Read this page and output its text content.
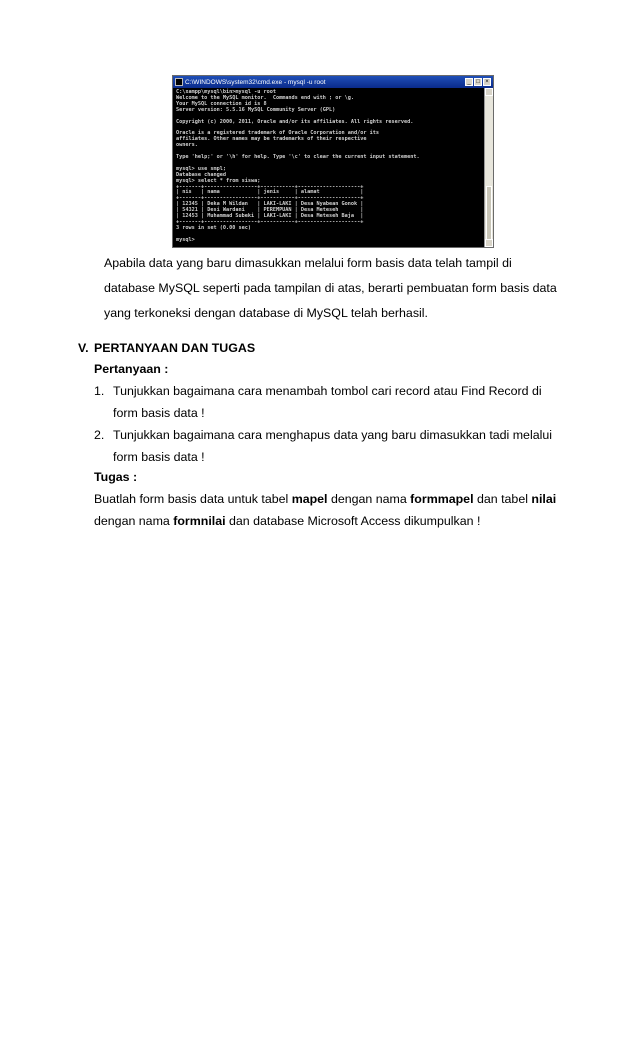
C:\WINDOWS\system32\cmd.exe - mysql -u root	_ □ ×
C:\xampp\mysql\bin>mysql -u root
Welcome to the MySQL monitor.  Commands end with ; or \g.
Your MySQL connection id is 8
Server version: 5.5.16 MySQL Community Server (GPL)

Copyright (c) 2000, 2011, Oracle and/or its affiliates. All rights reserved.

Oracle is a registered trademark of Oracle Corporation and/or its
affiliates. Other names may be trademarks of their respective
owners.

Type 'help;' or '\h' for help. Type '\c' to clear the current input statement.

mysql> use smpl;
Database changed
mysql> select * from siswa;
+-------+-----------------+-----------+--------------------+
| nis   | nama            | jenis     | alamat             |
+-------+-----------------+-----------+--------------------+
| 12345 | Deka M Wildan   | LAKI-LAKI | Desa Nyabean Gonok |
| 54321 | Desi Wardani    | PEREMPUAN | Desa Meteseh       |
| 12453 | Muhammad Subeki | LAKI-LAKI | Desa Meteseh Baja  |
+-------+-----------------+-----------+--------------------+
3 rows in set (0.00 sec)

mysql>
Apabila data yang baru dimasukkan melalui form basis data telah tampil di
database MySQL seperti pada tampilan di atas, berarti pembuatan form basis data
yang terkoneksi dengan database di MySQL telah berhasil.
V. PERTANYAAN DAN TUGAS
Pertanyaan :
1. Tunjukkan bagaimana cara menambah tombol cari record atau Find Record di
form basis data !
2. Tunjukkan bagaimana cara menghapus data yang baru dimasukkan tadi melalui
form basis data !
Tugas :
Buatlah form basis data untuk tabel mapel dengan nama formmapel dan tabel nilai
dengan nama formnilai dan database Microsoft Access dikumpulkan !
